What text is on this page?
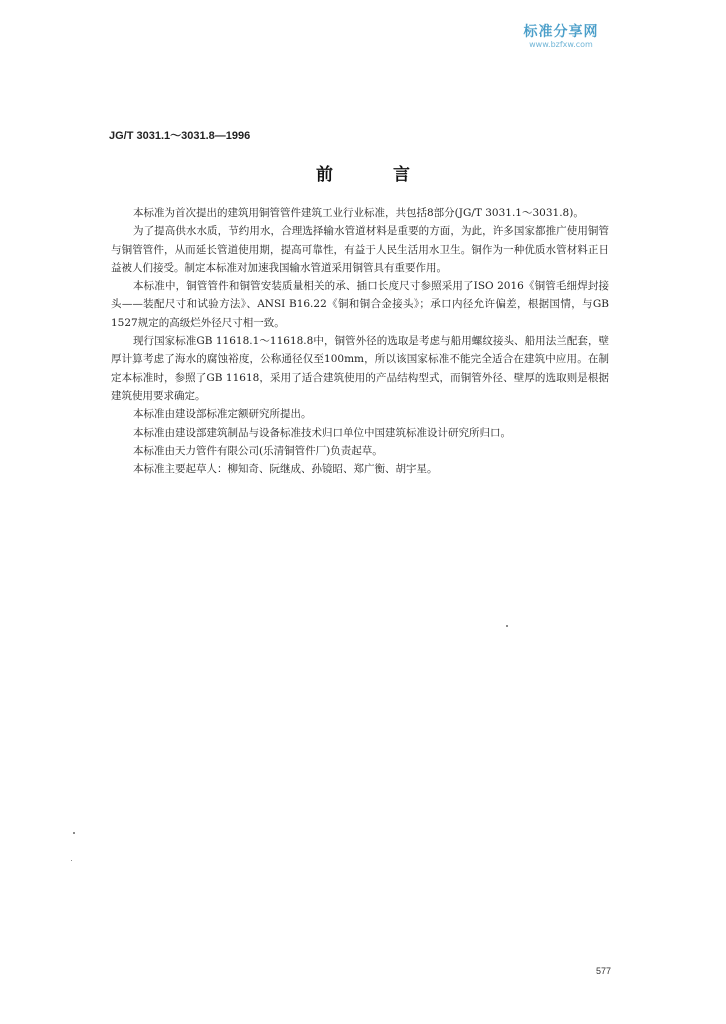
标准分享网
www.bzfxw.com
JG/T 3031.1～3031.8—1996
前言

本标准为首次提出的建筑用铜管管件建筑工业行业标准，共包括8部分(JG/T 3031.1～3031.8)。

为了提高供水水质，节约用水，合理选择输水管道材料是重要的方面，为此，许多国家都推广使用铜管与铜管管件，从而延长管道使用期，提高可靠性，有益于人民生活用水卫生。铜作为一种优质水管材料正日益被人们接受。制定本标准对加速我国输水管道采用铜管具有重要作用。

本标准中，铜管管件和铜管安装质量相关的承、插口长度尺寸参照采用了ISO 2016《铜管毛细焊封接头——装配尺寸和试验方法》、ANSI B16.22《铜和铜合金接头》；承口内径允许偏差，根据国情，与GB 1527规定的高级烂外径尺寸相一致。

现行国家标准GB 11618.1～11618.8中，铜管外径的选取是考虑与船用螺纹接头、船用法兰配套，壁厚计算考虑了海水的腐蚀裕度，公称通径仅至100mm，所以该国家标准不能完全适合在建筑中应用。在制定本标准时，参照了GB 11618，采用了适合建筑使用的产品结构型式，而铜管外径、壁厚的选取则是根据建筑使用要求确定。

本标准由建设部标准定额研究所提出。

本标准由建设部建筑制品与设备标准技术归口单位中国建筑标准设计研究所归口。

本标准由天力管件有限公司(乐清铜管件厂)负责起草。

本标准主要起草人：柳知奇、阮继成、孙镜昭、郑广衡、胡宇星。

577
